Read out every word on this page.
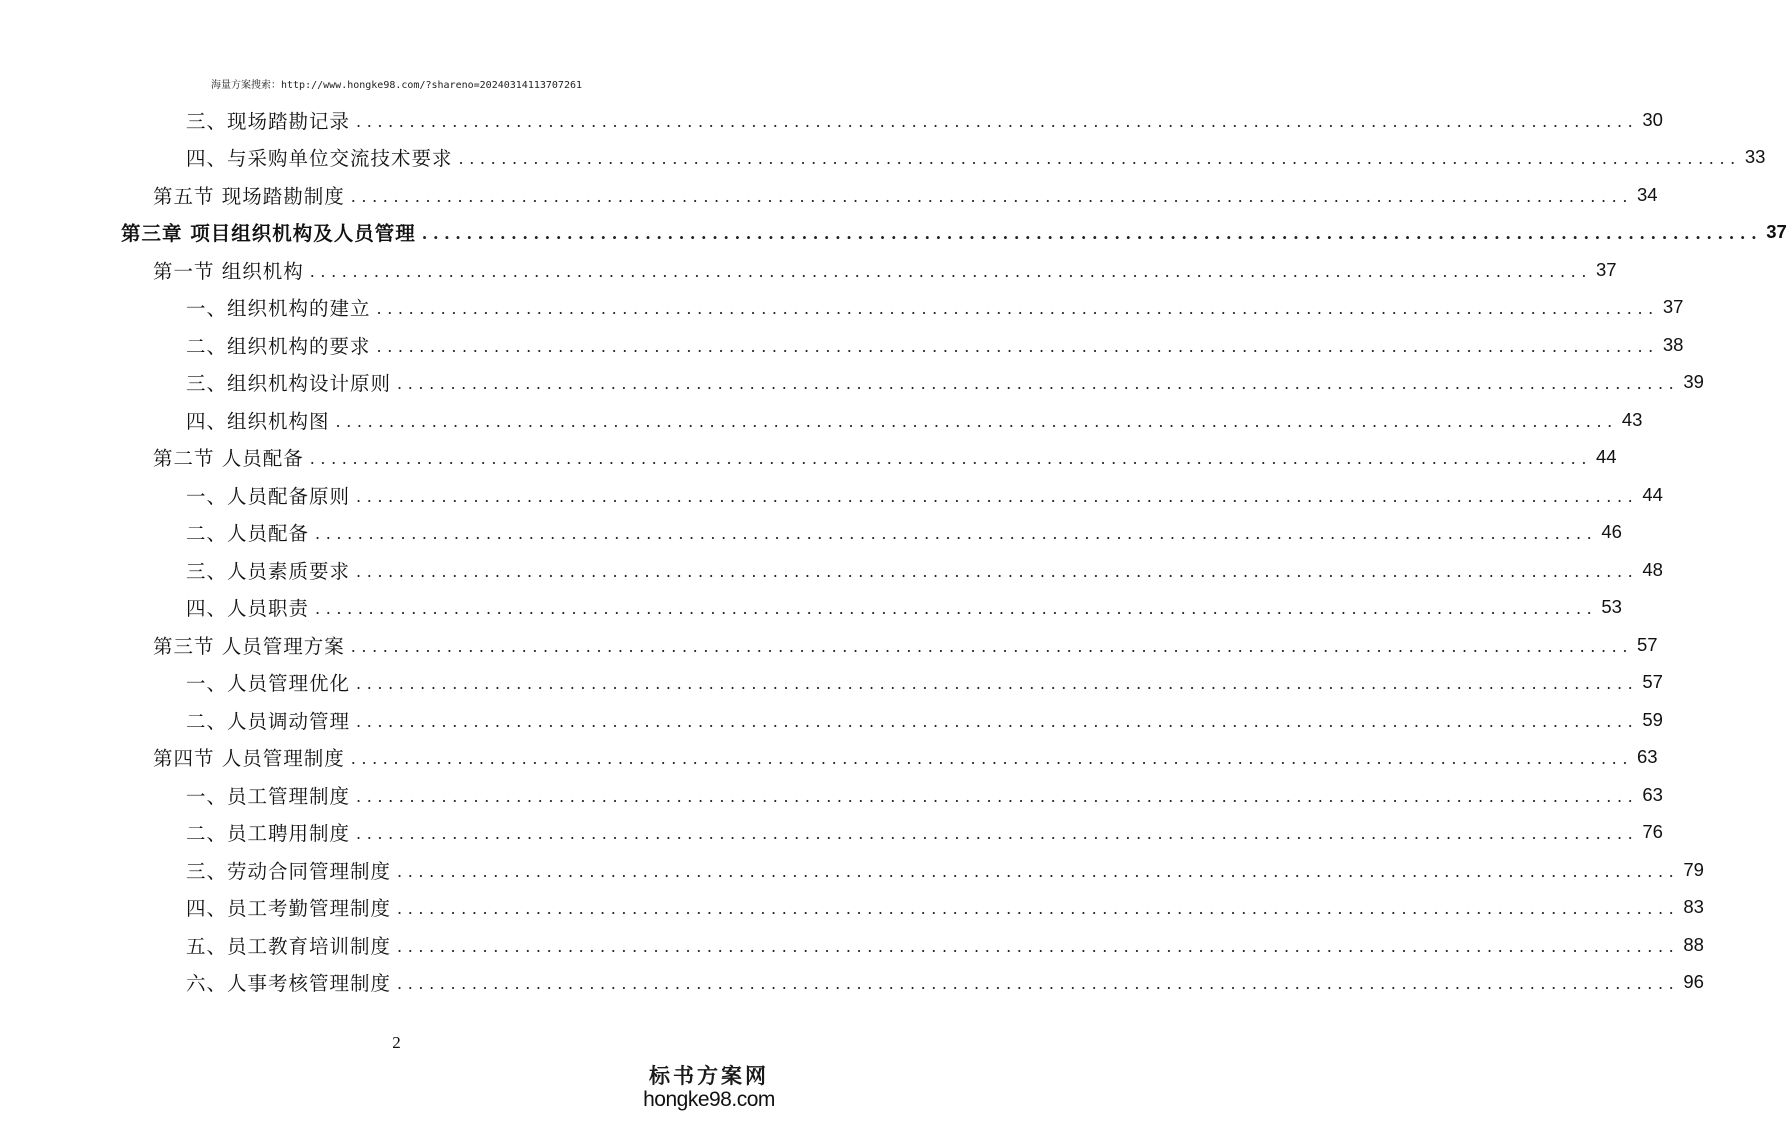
海量方案搜索：http://www.hongke98.com/?shareno=20240314113707261
三、现场踏勘记录 ........................................................................................................................ 30
四、与采购单位交流技术要求 ........................................................................................................................ 33
第五节 现场踏勘制度 ........................................................................................................................ 34
第三章 项目组织机构及人员管理 ........................................................................................................................ 37
第一节 组织机构 ........................................................................................................................ 37
一、组织机构的建立 ........................................................................................................................ 37
二、组织机构的要求 ........................................................................................................................ 38
三、组织机构设计原则 ........................................................................................................................ 39
四、组织机构图 ........................................................................................................................ 43
第二节 人员配备 ........................................................................................................................ 44
一、人员配备原则 ........................................................................................................................ 44
二、人员配备 ........................................................................................................................ 46
三、人员素质要求 ........................................................................................................................ 48
四、人员职责 ........................................................................................................................ 53
第三节 人员管理方案 ........................................................................................................................ 57
一、人员管理优化 ........................................................................................................................ 57
二、人员调动管理 ........................................................................................................................ 59
第四节 人员管理制度 ........................................................................................................................ 63
一、员工管理制度 ........................................................................................................................ 63
二、员工聘用制度 ........................................................................................................................ 76
三、劳动合同管理制度 ........................................................................................................................ 79
四、员工考勤管理制度 ........................................................................................................................ 83
五、员工教育培训制度 ........................................................................................................................ 88
六、人事考核管理制度 ........................................................................................................................ 96
2
标书方案网
hongke98.com
